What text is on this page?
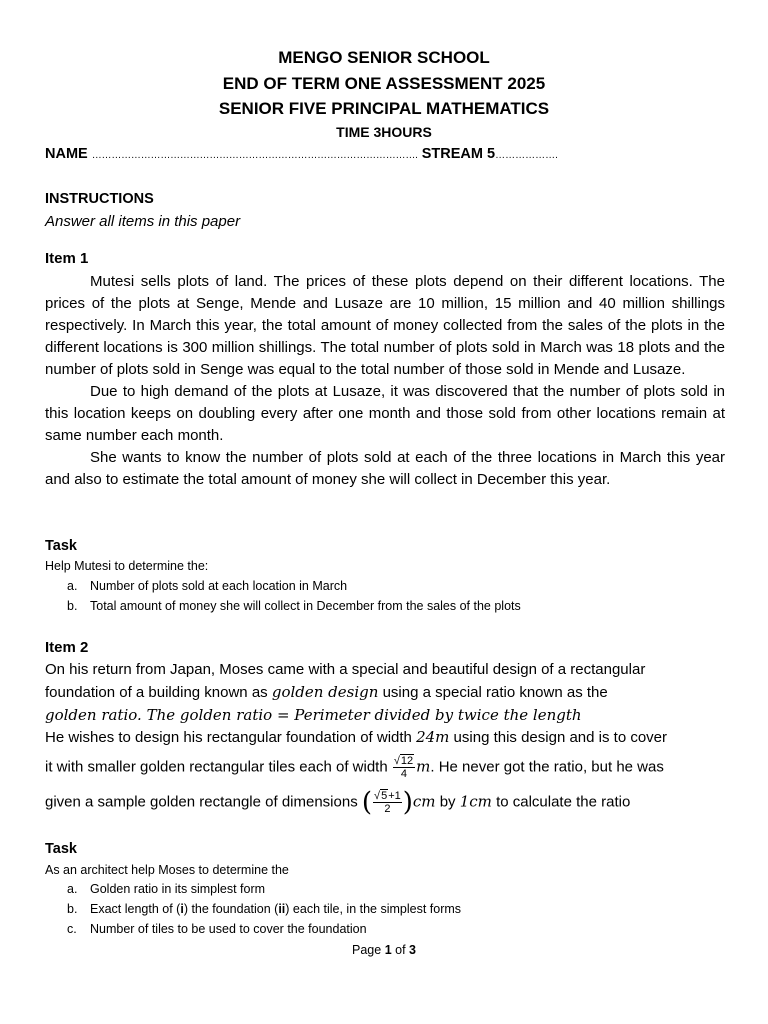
MENGO SENIOR SCHOOL
END OF TERM ONE ASSESSMENT 2025
SENIOR FIVE PRINCIPAL MATHEMATICS
TIME 3HOURS
NAME ………………………………………………………………………………………. STREAM 5……………….
INSTRUCTIONS
Answer all items in this paper
Item 1
Mutesi sells plots of land. The prices of these plots depend on their different locations. The prices of the plots at Senge, Mende and Lusaze are 10 million, 15 million and 40 million shillings respectively. In March this year, the total amount of money collected from the sales of the plots in the different locations is 300 million shillings. The total number of plots sold in March was 18 plots and the number of plots sold in Senge was equal to the total number of those sold in Mende and Lusaze.
Due to high demand of the plots at Lusaze, it was discovered that the number of plots sold in this location keeps on doubling every after one month and those sold from other locations remain at same number each month.
She wants to know the number of plots sold at each of the three locations in March this year and also to estimate the total amount of money she will collect in December this year.
Task
Help Mutesi to determine the:
a. Number of plots sold at each location in March
b. Total amount of money she will collect in December from the sales of the plots
Item 2
On his return from Japan, Moses came with a special and beautiful design of a rectangular
foundation of a building known as golden design using a special ratio known as the
golden ratio. The golden ratio = Perimeter divided by twice the length
He wishes to design his rectangular foundation of width 24m using this design and is to cover
it with smaller golden rectangular tiles each of width $\frac{√12}{4} m$. He never got the ratio, but he was
given a sample golden rectangle of dimensions ( $\frac{√5+1}{2} )cm$ by 1cm to calculate the ratio
Task
As an architect help Moses to determine the
a. Golden ratio in its simplest form
b. Exact length of (i) the foundation (ii) each tile, in the simplest forms
c. Number of tiles to be used to cover the foundation
Page 1 of 3
